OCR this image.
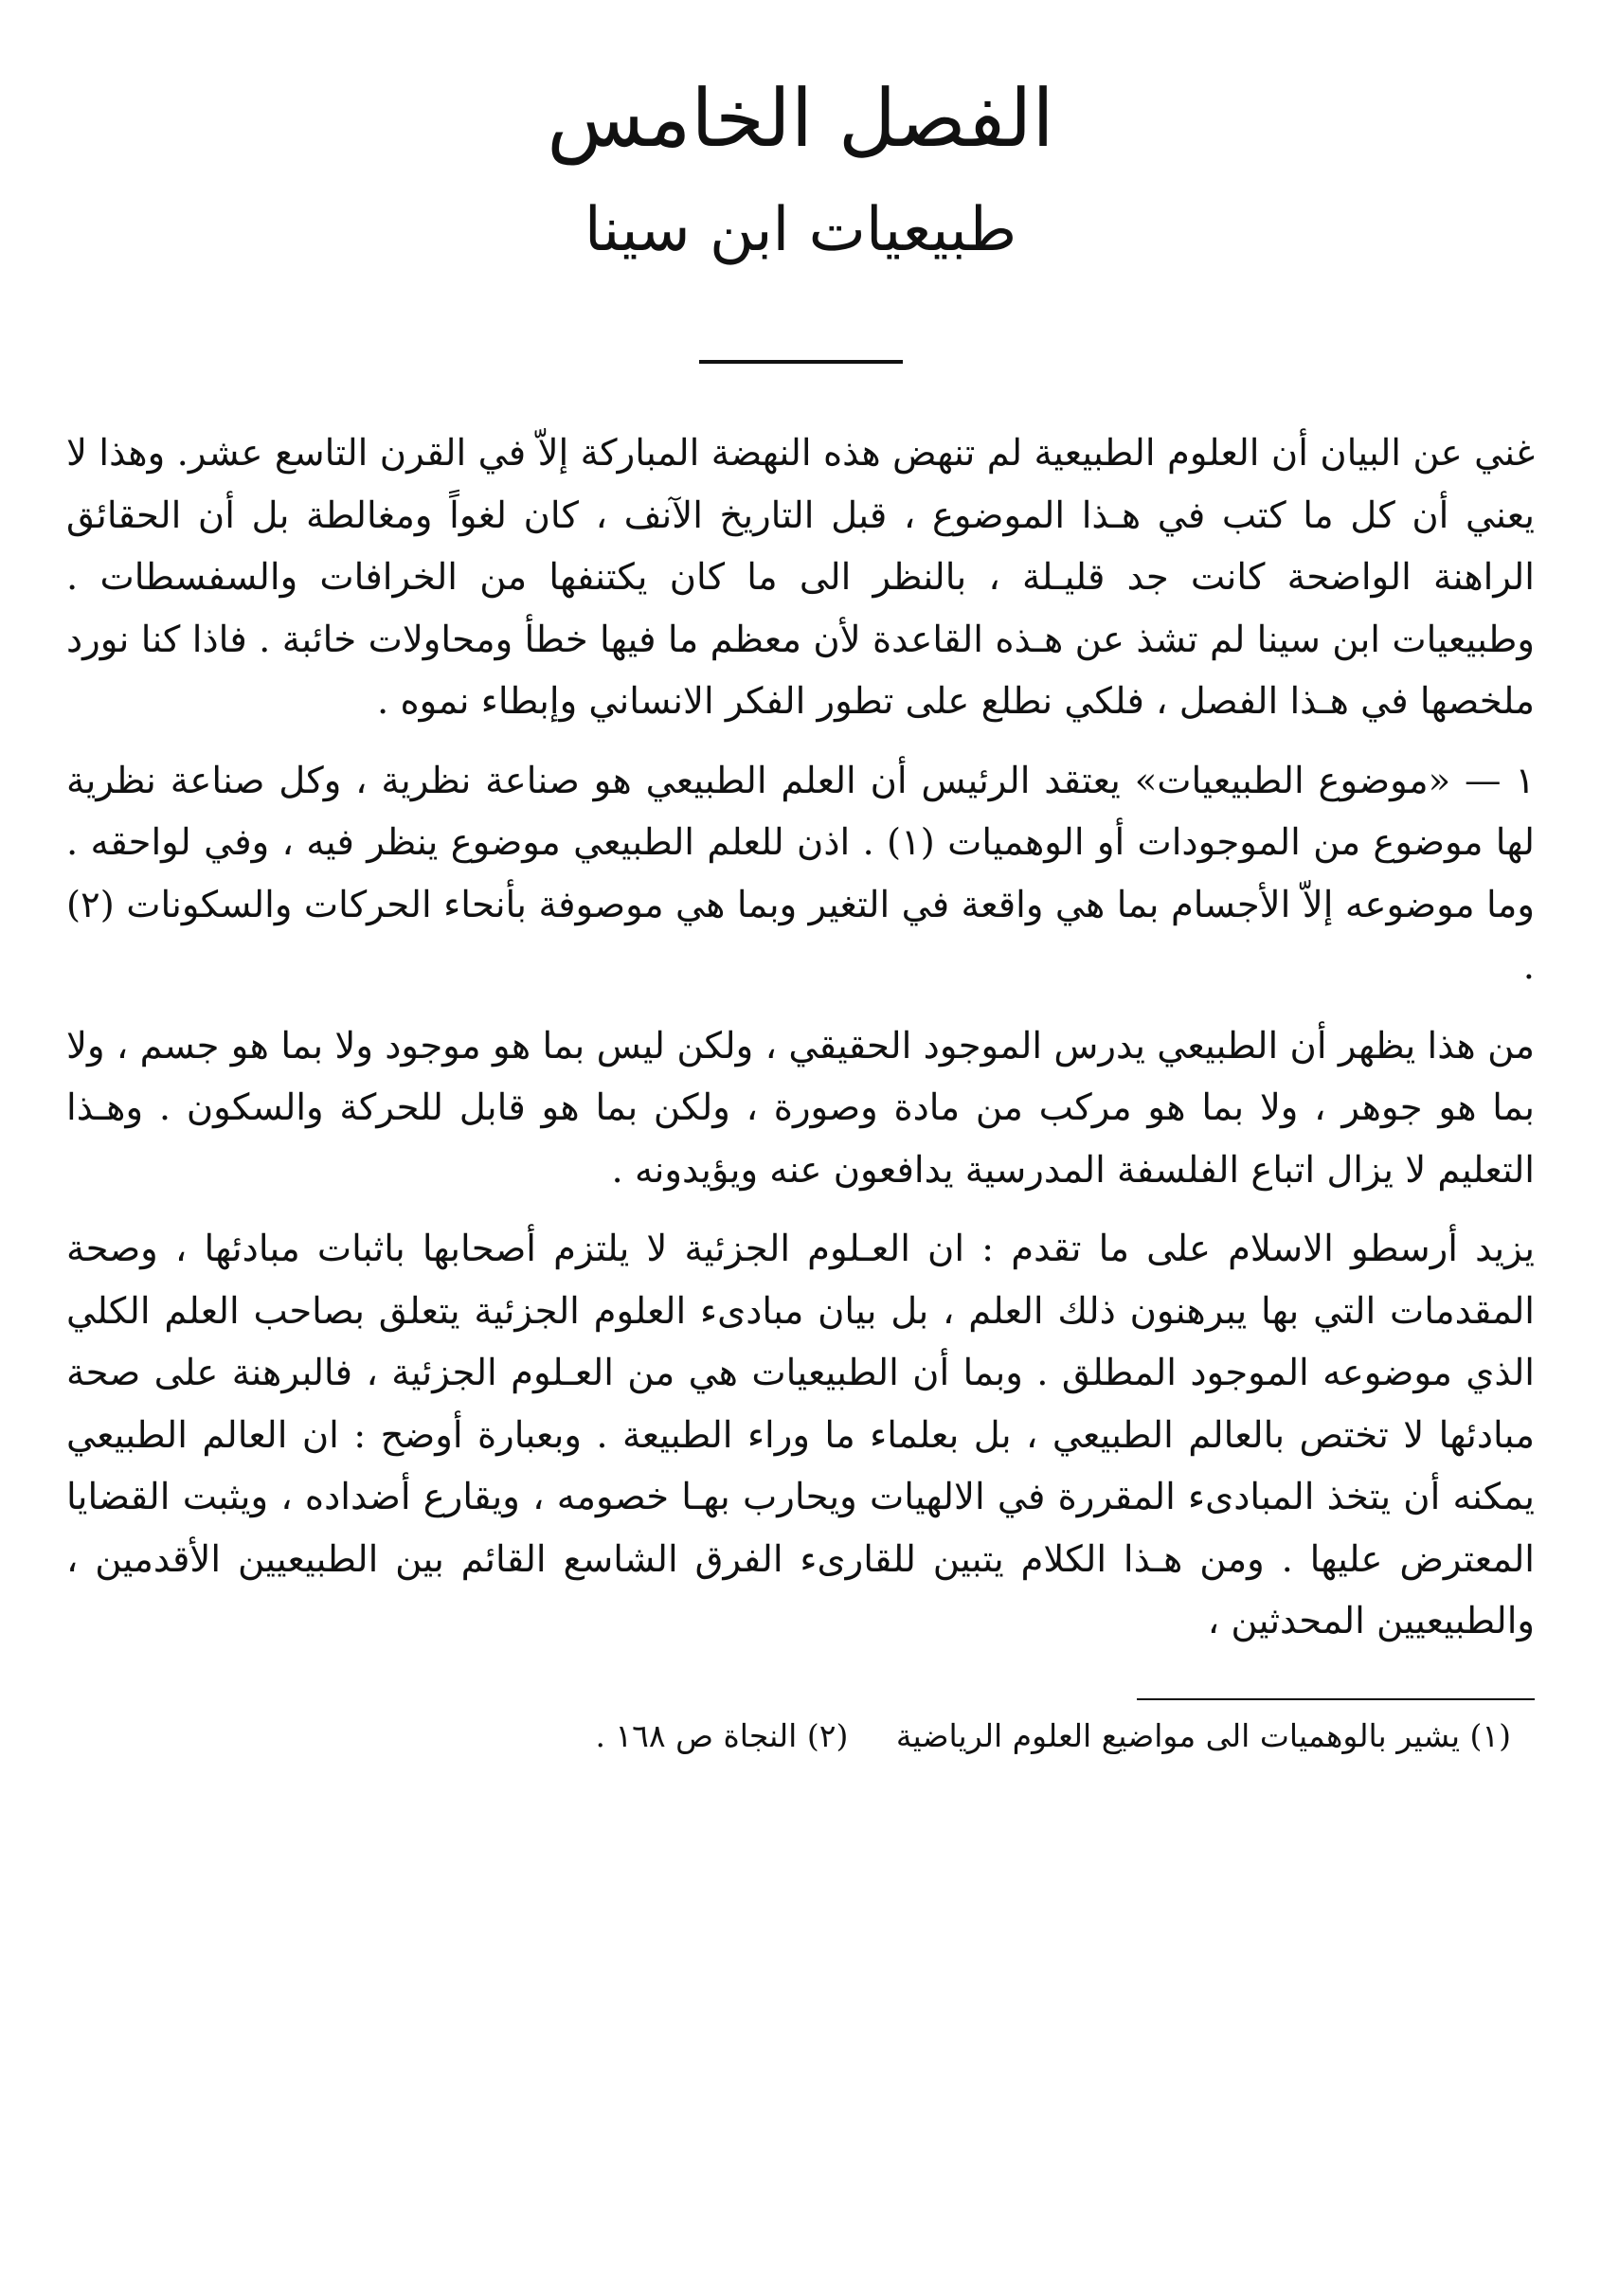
الفصل الخامس
طبيعيات ابن سينا

غني عن البيان أن العلوم الطبيعية لم تنهض هذه النهضة المباركة إلاّ في القرن التاسع عشر. وهذا لا يعني أن كل ما كتب في هـذا الموضوع ، قبل التاريخ الآنف ، كان لغواً ومغالطة بل أن الحقائق الراهنة الواضحة كانت جد قليـلة ، بالنظر الى ما كان يكتنفها من الخرافات والسفسطات . وطبيعيات ابن سينا لم تشذ عن هـذه القاعدة لأن معظم ما فيها خطأ ومحاولات خائبة . فاذا كنا نورد ملخصها في هـذا الفصل ، فلكي نطلع على تطور الفكر الانساني وإبطاء نموه .

١ — «موضوع الطبيعيات» يعتقد الرئيس أن العلم الطبيعي هو صناعة نظرية ، وكل صناعة نظرية لها موضوع من الموجودات أو الوهميات (١) . اذن للعلم الطبيعي موضوع ينظر فيه ، وفي لواحقه . وما موضوعه إلاّ الأجسام بما هي واقعة في التغير وبما هي موصوفة بأنحاء الحركات والسكونات (٢) .

من هذا يظهر أن الطبيعي يدرس الموجود الحقيقي ، ولكن ليس بما هو موجود ولا بما هو جسم ، ولا بما هو جوهر ، ولا بما هو مركب من مادة وصورة ، ولكن بما هو قابل للحركة والسكون . وهـذا التعليم لا يزال اتباع الفلسفة المدرسية يدافعون عنه ويؤيدونه .

يزيد أرسطو الاسلام على ما تقدم : ان العـلوم الجزئية لا يلتزم أصحابها باثبات مبادئها ، وصحة المقدمات التي بها يبرهنون ذلك العلم ، بل بيان مبادىء العلوم الجزئية يتعلق بصاحب العلم الكلي الذي موضوعه الموجود المطلق . وبما أن الطبيعيات هي من العـلوم الجزئية ، فالبرهنة على صحة مبادئها لا تختص بالعالم الطبيعي ، بل بعلماء ما وراء الطبيعة . وبعبارة أوضح : ان العالم الطبيعي يمكنه أن يتخذ المبادىء المقررة في الالهيات ويحارب بهـا خصومه ، ويقارع أضداده ، ويثبت القضايا المعترض عليها . ومن هـذا الكلام يتبين للقارىء الفرق الشاسع القائم بين الطبيعيين الأقدمين ، والطبيعيين المحدثين ،

(١) يشير بالوهميات الى مواضيع العلوم الرياضية (٢) النجاة ص ١٦٨ .
